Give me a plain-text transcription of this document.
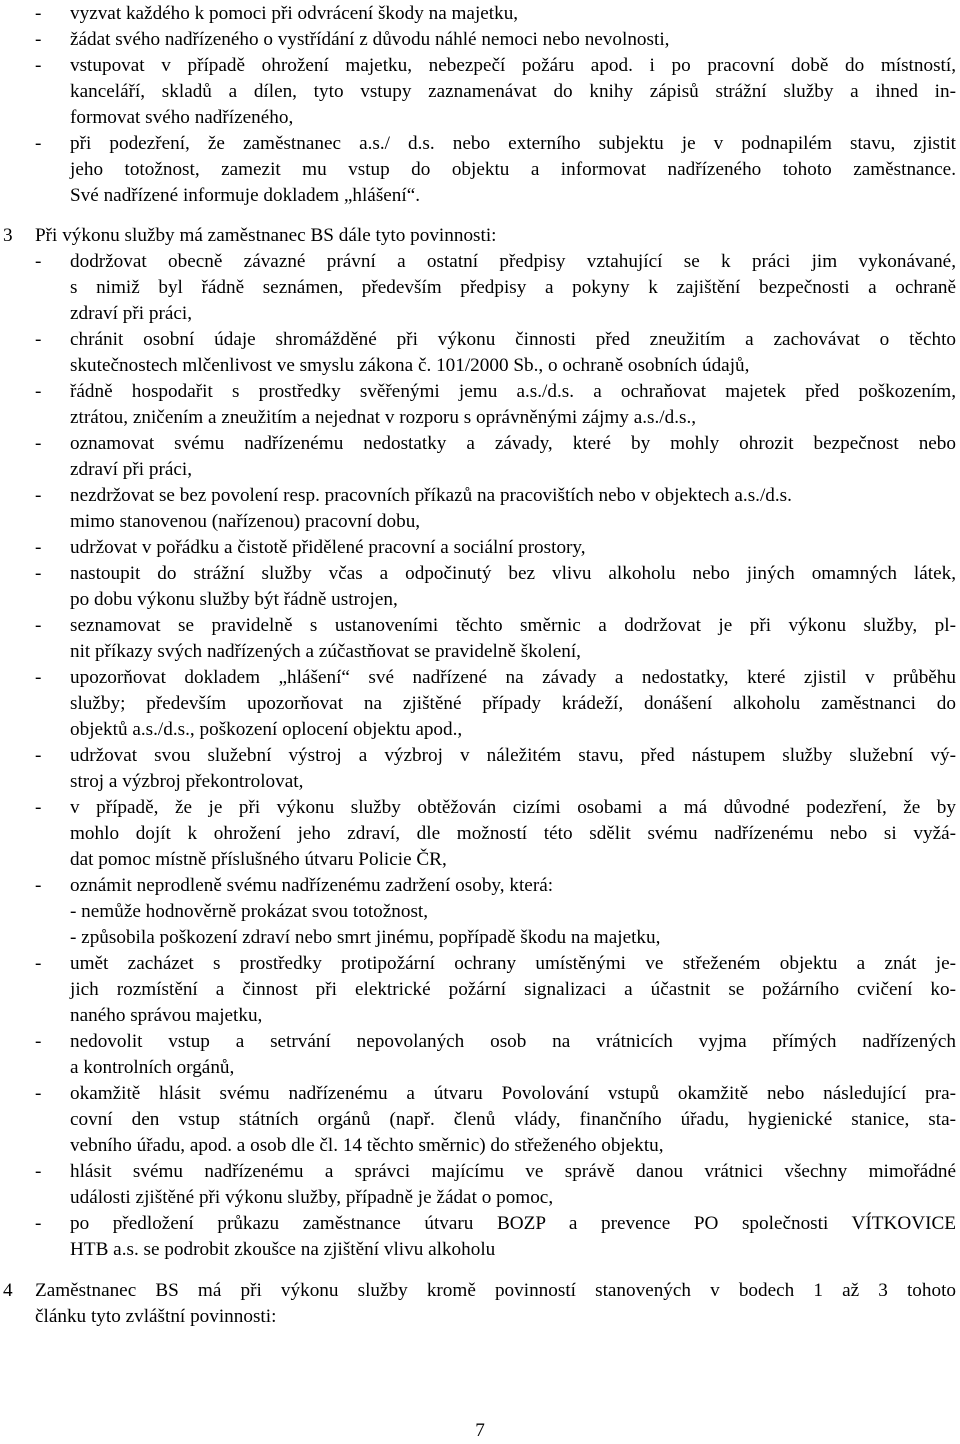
-
-
-
-
-
-
-
-
-
-
-
-
-
-
-
-
-
-
-
-
-
3
4
vyzvat každého k pomoci při odvrácení škody na majetku,
žádat svého nadřízeného o vystřídání z důvodu náhlé nemoci nebo nevolnosti,
vstupovat v případě ohrožení majetku, nebezpečí požáru apod. i po pracovní době do místností,
kanceláří, skladů a dílen, tyto vstupy zaznamenávat do knihy zápisů strážní služby a ihned in-
formovat svého nadřízeného,
při podezření, že zaměstnanec a.s./ d.s. nebo externího subjektu je v podnapilém stavu, zjistit
jeho totožnost, zamezit mu vstup do objektu a informovat nadřízeného tohoto zaměstnance.
Své nadřízené informuje dokladem „hlášení“.
Při výkonu služby má zaměstnanec BS dále tyto povinnosti:
dodržovat obecně závazné právní a ostatní předpisy vztahující se k práci jim vykonávané,
s nimiž byl řádně seznámen, především předpisy a pokyny k zajištění bezpečnosti a ochraně
zdraví při práci,
chránit osobní údaje shromážděné při výkonu činnosti před zneužitím a zachovávat o těchto
skutečnostech mlčenlivost ve smyslu zákona č. 101/2000 Sb., o ochraně osobních údajů,
řádně hospodařit s prostředky svěřenými jemu a.s./d.s. a ochraňovat majetek před poškozením,
ztrátou, zničením a zneužitím a nejednat v rozporu s oprávněnými zájmy a.s./d.s.,
oznamovat svému nadřízenému nedostatky a závady, které by mohly ohrozit bezpečnost nebo
zdraví při práci,
nezdržovat se bez povolení resp. pracovních příkazů na pracovištích nebo v objektech a.s./d.s.
mimo stanovenou (nařízenou) pracovní dobu,
udržovat v pořádku a čistotě přidělené pracovní a sociální prostory,
nastoupit do strážní služby včas a odpočinutý bez vlivu alkoholu nebo jiných omamných látek,
po dobu výkonu služby být řádně ustrojen,
seznamovat se pravidelně s ustanoveními těchto směrnic a dodržovat je při výkonu služby, pl-
nit příkazy svých nadřízených a zúčastňovat se pravidelně školení,
upozorňovat dokladem „hlášení“ své nadřízené na závady a nedostatky, které zjistil v průběhu
služby; především upozorňovat na zjištěné případy krádeží, donášení alkoholu zaměstnanci do
objektů a.s./d.s., poškození oplocení objektu apod.,
udržovat svou služební výstroj a výzbroj v náležitém stavu, před nástupem služby služební vý-
stroj a výzbroj překontrolovat,
v případě, že je při výkonu služby obtěžován cizími osobami a má důvodné podezření, že by
mohlo dojít k ohrožení jeho zdraví, dle možností této sdělit svému nadřízenému nebo si vyžá-
dat pomoc místně příslušného útvaru Policie ČR,
oznámit neprodleně svému nadřízenému zadržení osoby, která:
- nemůže hodnověrně prokázat svou totožnost,
- způsobila poškození zdraví nebo smrt jinému, popřípadě škodu na majetku,
umět zacházet s prostředky protipožární ochrany umístěnými ve střeženém objektu a znát je-
jich rozmístění a činnost při elektrické požární signalizaci a účastnit se požárního cvičení ko-
naného správou majetku,
nedovolit vstup a setrvání nepovolaných osob na vrátnicích vyjma přímých nadřízených
a kontrolních orgánů,
okamžitě hlásit svému nadřízenému a útvaru Povolování vstupů okamžitě nebo následující pra-
covní den vstup státních orgánů (např. členů vlády, finančního úřadu, hygienické stanice, sta-
vebního úřadu, apod. a osob dle čl. 14 těchto směrnic) do střeženého objektu,
hlásit svému nadřízenému a správci majícímu ve správě danou vrátnici všechny mimořádné
události zjištěné při výkonu služby, případně je žádat o pomoc,
po předložení průkazu zaměstnance útvaru BOZP a prevence PO společnosti VÍTKOVICE
HTB a.s. se podrobit zkoušce na zjištění vlivu alkoholu
Zaměstnanec BS má při výkonu služby kromě povinností stanovených v bodech 1 až 3 tohoto
článku tyto zvláštní povinnosti:
7
